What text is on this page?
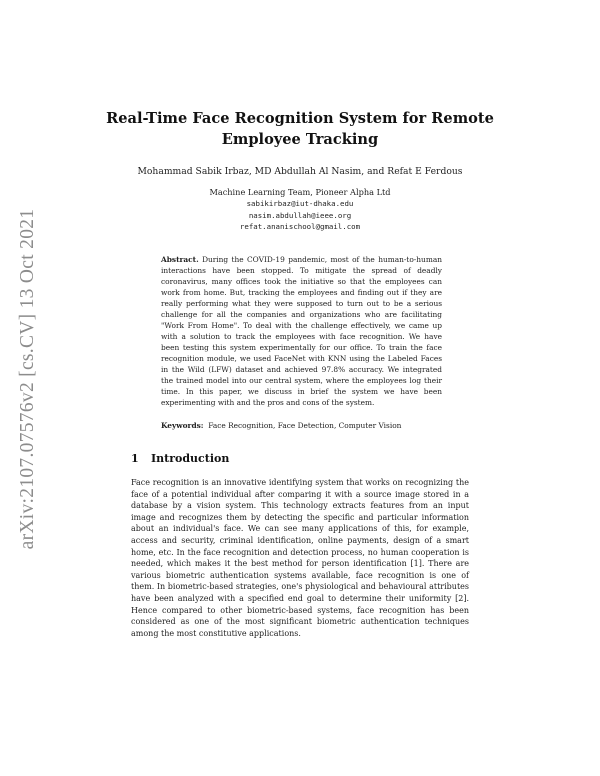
arXiv:2107.07576v2 [cs.CV] 13 Oct 2021
Real-Time Face Recognition System for Remote Employee Tracking
Mohammad Sabik Irbaz, MD Abdullah Al Nasim, and Refat E Ferdous
Machine Learning Team, Pioneer Alpha Ltd
sabikirbaz@iut-dhaka.edu
nasim.abdullah@ieee.org
refat.ananischool@gmail.com

Abstract. During the COVID-19 pandemic, most of the human-to-human interactions have been stopped. To mitigate the spread of deadly coronavirus, many offices took the initiative so that the employees can work from home. But, tracking the employees and finding out if they are really performing what they were supposed to turn out to be a serious challenge for all the companies and organizations who are facilitating "Work From Home". To deal with the challenge effectively, we came up with a solution to track the employees with face recognition. We have been testing this system experimentally for our office. To train the face recognition module, we used FaceNet with KNN using the Labeled Faces in the Wild (LFW) dataset and achieved 97.8% accuracy. We integrated the trained model into our central system, where the employees log their time. In this paper, we discuss in brief the system we have been experimenting with and the pros and cons of the system.

Keywords: Face Recognition, Face Detection, Computer Vision
1 Introduction

Face recognition is an innovative identifying system that works on recognizing the face of a potential individual after comparing it with a source image stored in a database by a vision system. This technology extracts features from an input image and recognizes them by detecting the specific and particular information about an individual's face. We can see many applications of this, for example, access and security, criminal identification, online payments, design of a smart home, etc. In the face recognition and detection process, no human cooperation is needed, which makes it the best method for person identification [1]. There are various biometric authentication systems available, face recognition is one of them. In biometric-based strategies, one's physiological and behavioural attributes have been analyzed with a specified end goal to determine their uniformity [2]. Hence compared to other biometric-based systems, face recognition has been considered as one of the most significant biometric authentication techniques among the most constitutive applications.
